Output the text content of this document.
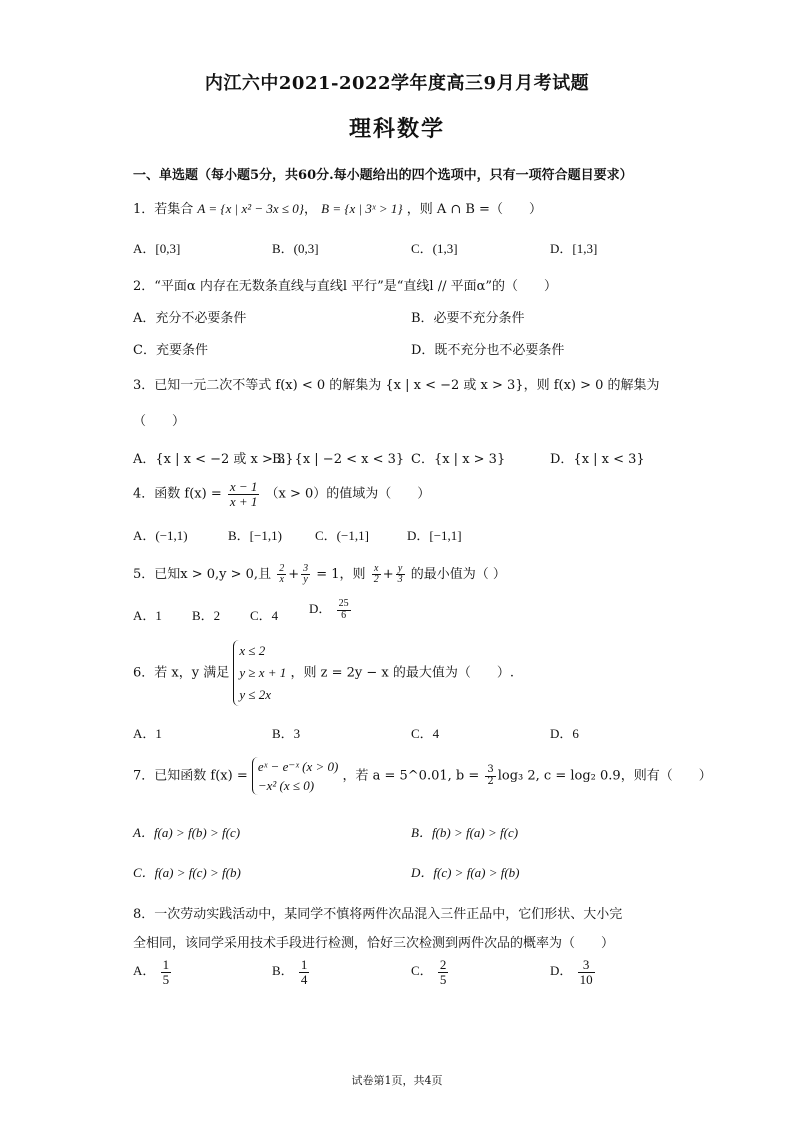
内江六中2021-2022学年度高三9月月考试题
理科数学
一、单选题（每小题5分，共60分.每小题给出的四个选项中，只有一项符合题目要求）
1．若集合 A = {x | x² − 3x ≤ 0}， B = {x | 3ˣ > 1} ，则 A ∩ B =（　　）
A．[0,3]	B．(0,3]	C．(1,3]	D．[1,3]
2．“平面α 内存在无数条直线与直线l 平行”是“直线l // 平面α”的（　　）
A．充分不必要条件	B．必要不充分条件
C．充要条件	D．既不充分也不必要条件
3．已知一元二次不等式 f(x) < 0 的解集为 {x | x < −2 或 x > 3}，则 f(x) > 0 的解集为
（　　）
A．{x | x < −2 或 x > 3}
B．{x | −2 < x < 3} C．{x | x > 3}	D．{x | x < 3}
4．函数 $f(x) = \frac{x - 1}{x + 1} (x > 0)$的值域为（　　）
A．(−1,1)	B．[−1,1)	C．(−1,1]	D．[−1,1]
5．已知x > 0,y > 0,且 $\frac{2}{x} + \frac{3}{y} = 1$，则 $\frac{x}{2} + \frac{y}{3}$ 的最小值为（ ）
A．1 B．2 C．4 D． $\frac{25}{6}$
6．若 x，y 满足 x ≤ 2
y ≥ x + 1
y ≤ 2x ，则 z = 2y − x 的最大值为（　　）.
A．1	B．3	C．4	D．6
7．已知函数 f(x) = eˣ − e⁻ˣ (x > 0)
−x² (x ≤ 0) ，若 a = 5^0.01, $b = \frac{3}{2} \log_3$ 2, c = log₂ 0.9，则有（　　）
A．f(a) > f(b) > f(c)	B．f(b) > f(a) > f(c)
C．f(a) > f(c) > f(b)	D．f(c) > f(a) > f(b)
8．一次劳动实践活动中，某同学不慎将两件次品混入三件正品中，它们形状、大小完
全相同，该同学采用技术手段进行检测，恰好三次检测到两件次品的概率为（　　）
A． $\frac{1}{5}$	B． $\frac{1}{4}$	C． $\frac{2}{5}$	D． $\frac{3}{10}$
试卷第1页，共4页
